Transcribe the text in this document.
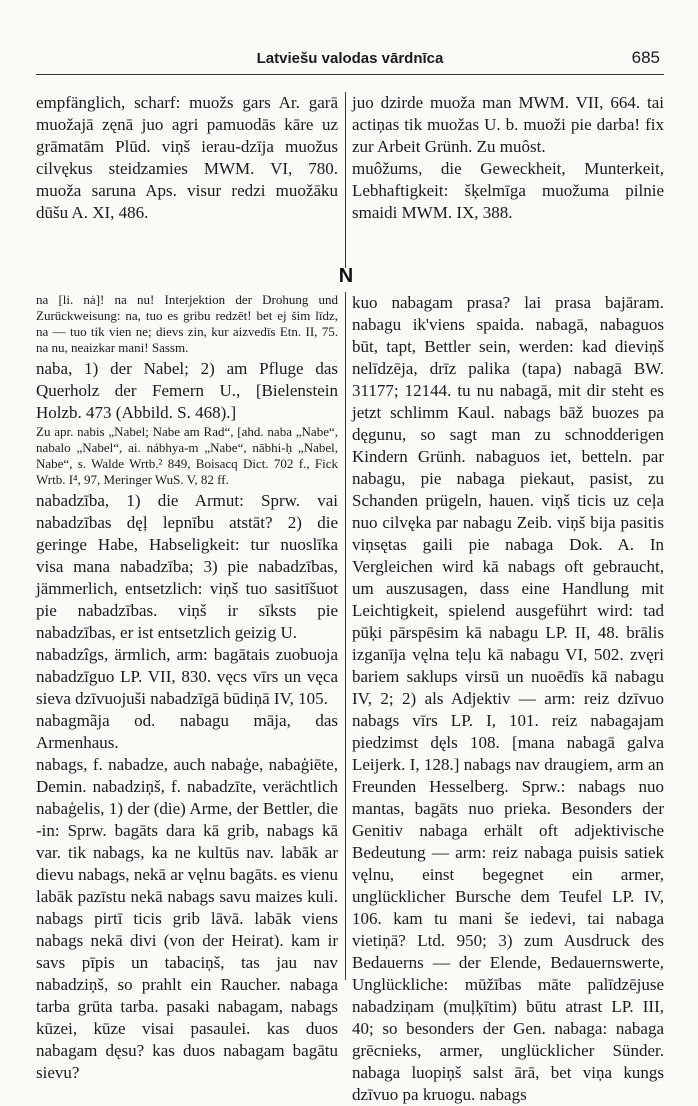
Latviešu valodas vārdnīca	685

empfänglich, scharf: muožs gars Ar. garā muožajā zęnā juo agri pamuodās kāre uz grāmatām Plūd. viņš ierau-dzīja muožus cilvękus steidzamies MWM. VI, 780. muoža saruna Aps. visur redzi muožāku dūšu A. XI, 486.

juo dzirde muoža man MWM. VII, 664. tai actiņas tik muožas U. b. muoži pie darba! fix zur Arbeit Grünh. Zu muôst.

muôžums, die Geweckheit, Munterkeit, Lebhaftigkeit: šķelmīga muožuma pilnie smaidi MWM. IX, 388.

N

na [li. nȧ]! na nu! Interjektion der Drohung und Zurückweisung: na, tuo es gribu redzēt! bet ej šim līdz, na — tuo tik vien ne; dievs zin, kur aizvedīs Etn. II, 75. na nu, neaizkar mani! Sassm.

naba, 1) der Nabel; 2) am Pfluge das Querholz der Femern U., [Bielenstein Holzb. 473 (Abbild. S. 468).]

Zu apr. nabis „Nabel; Nabe am Rad“, [ahd. naba „Nabe“, nabalo „Nabel“, ai. nábhya-m „Nabe“, nābhi-ḥ „Nabel, Nabe“, s. Walde Wrtb.² 849, Boisacq Dict. 702 f., Fick Wrtb. I⁴, 97, Meringer WuS. V, 82 ff.

nabadzība, 1) die Armut: Sprw. vai nabadzības dęļ lepnību atstāt? 2) die geringe Habe, Habseligkeit: tur nuoslīka visa mana nabadzība; 3) pie nabadzības, jämmerlich, entsetzlich: viņš tuo sasitīšuot pie nabadzības. viņš ir sīksts pie nabadzības, er ist entsetzlich geizig U.

nabadzîgs, ärmlich, arm: bagātais zuobuoja nabadzīguo LP. VII, 830. vęcs vīrs un vęca sieva dzīvuojuši nabadzīgā būdiņā IV, 105.

nabagmãja od. nabagu māja, das Armenhaus.

nabags, f. nabadze, auch nabaģe, nabaģiēte, Demin. nabadziņš, f. nabadzīte, verächtlich nabaģelis, 1) der (die) Arme, der Bettler, die -in: Sprw. bagāts dara kā grib, nabags kā var. tik nabags, ka ne kultūs nav. labāk ar dievu nabags, nekā ar vęlnu bagāts. es vienu labāk pazīstu nekā nabags savu maizes kuli. nabags pirtī ticis grib lāvā. labāk viens nabags nekā divi (von der Heirat). kam ir savs pīpis un tabaciņš, tas jau nav nabadziņš, so prahlt ein Raucher. nabaga tarba grūta tarba. pasaki nabagam, nabags kūzei, kūze visai pasaulei. kas duos nabagam dęsu? kas duos nabagam bagātu sievu?

kuo nabagam prasa? lai prasa bajāram. nabagu ik'viens spaida. nabagā, nabaguos būt, tapt, Bettler sein, werden: kad dieviņš nelīdzēja, drīz palika (tapa) nabagā BW. 31177; 12144. tu nu nabagā, mit dir steht es jetzt schlimm Kaul. nabags bāž buozes pa dęgunu, so sagt man zu schnodderigen Kindern Grünh. nabaguos iet, betteln. par nabagu, pie nabaga piekaut, pasist, zu Schanden prügeln, hauen. viņš ticis uz ceļa nuo cilvęka par nabagu Zeib. viņš bija pasitis viņsętas gaili pie nabaga Dok. A. In Vergleichen wird kā nabags oft gebraucht, um auszusagen, dass eine Handlung mit Leichtigkeit, spielend ausgeführt wird: tad pūķi pārspēsim kā nabagu LP. II, 48. brālis izganīja vęlna teļu kā nabagu VI, 502. zvęri bariem saklups virsū un nuoēdīs kā nabagu IV, 2; 2) als Adjektiv — arm: reiz dzīvuo nabags vīrs LP. I, 101. reiz nabagajam piedzimst dęls 108. [mana nabagā galva Leijerk. I, 128.] nabags nav draugiem, arm an Freunden Hesselberg. Sprw.: nabags nuo mantas, bagāts nuo prieka. Besonders der Genitiv nabaga erhält oft adjektivische Bedeutung — arm: reiz nabaga puisis satiek vęlnu, einst begegnet ein armer, unglücklicher Bursche dem Teufel LP. IV, 106. kam tu mani še iedevi, tai nabaga vietiņā? Ltd. 950; 3) zum Ausdruck des Bedauerns — der Elende, Bedauernswerte, Unglückliche: mūžības māte palīdzējuse nabadziņam (muļķītim) būtu atrast LP. III, 40; so besonders der Gen. nabaga: nabaga grēcnieks, armer, unglücklicher Sünder. nabaga luopiņš salst ārā, bet viņa kungs dzīvuo pa kruogu. nabags
